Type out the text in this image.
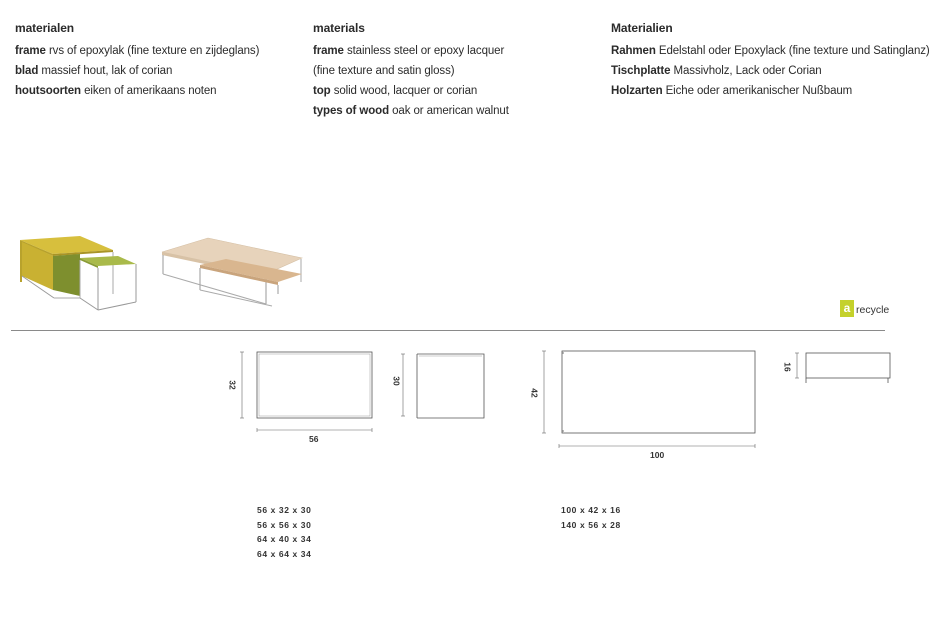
materialen
frame rvs of epoxylak (fine texture en zijdeglans)
blad massief hout, lak of corian
houtsoorten eiken of amerikaans noten
materials
frame stainless steel or epoxy lacquer
(fine texture and satin gloss)
top solid wood, lacquer or corian
types of wood oak or american walnut
Materialien
Rahmen Edelstahl oder Epoxylack (fine texture und Satinglanz)
Tischplatte Massivholz, Lack oder Corian
Holzarten Eiche oder amerikanischer Nußbaum
a recycle
32
56
30
42
100
16
56 x 32 x 30
56 x 56 x 30
64 x 40 x 34
64 x 64 x 34
100 x 42 x 16
140 x 56 x 28
